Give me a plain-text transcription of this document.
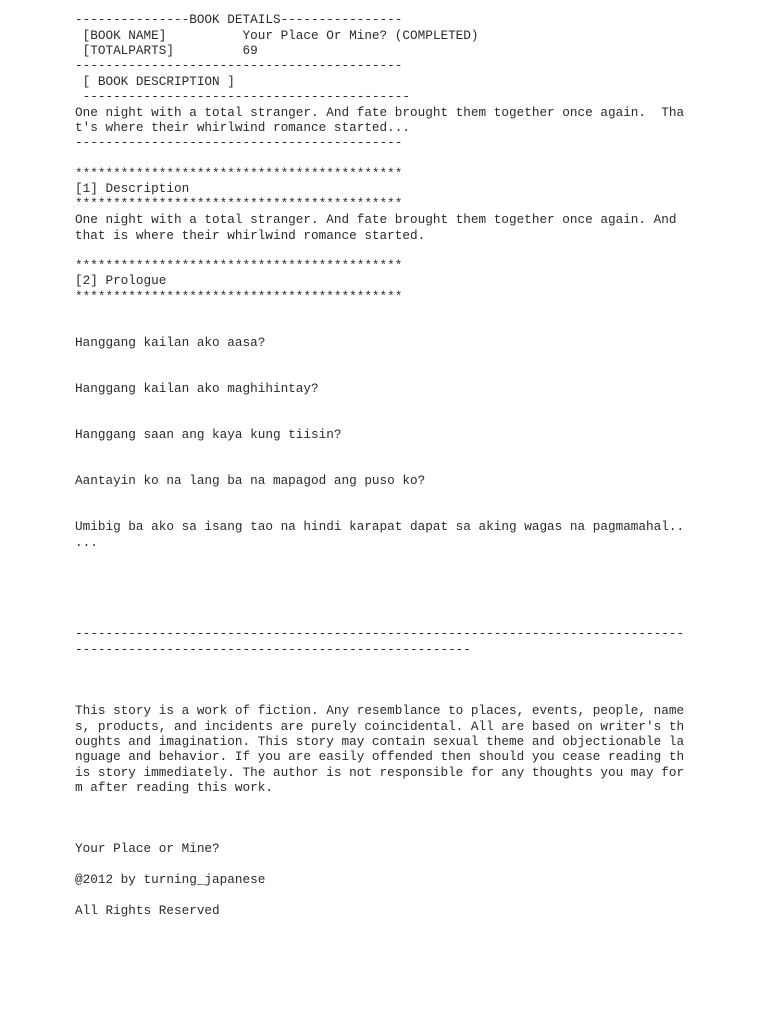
---------------BOOK DETAILS----------------

[BOOK NAME]          Your Place Or Mine? (COMPLETED)

[TOTALPARTS]         69

-------------------------------------------

[ BOOK DESCRIPTION ]

-------------------------------------------

One night with a total stranger. And fate brought them together once again.  Tha

t's where their whirlwind romance started...

-------------------------------------------

*******************************************

[1] Description

*******************************************

One night with a total stranger. And fate brought them together once again. And

that is where their whirlwind romance started.

*******************************************

[2] Prologue

*******************************************

Hanggang kailan ako aasa?

Hanggang kailan ako maghihintay?

Hanggang saan ang kaya kung tiisin?

Aantayin ko na lang ba na mapagod ang puso ko?

Umibig ba ako sa isang tao na hindi karapat dapat sa aking wagas na pagmamahal..

...

--------------------------------------------------------------------------------

----------------------------------------------------

This story is a work of fiction. Any resemblance to places, events, people, name

s, products, and incidents are purely coincidental. All are based on writer's th

oughts and imagination. This story may contain sexual theme and objectionable la

nguage and behavior. If you are easily offended then should you cease reading th

is story immediately. The author is not responsible for any thoughts you may for

m after reading this work.

Your Place or Mine?

@2012 by turning_japanese

All Rights Reserved
